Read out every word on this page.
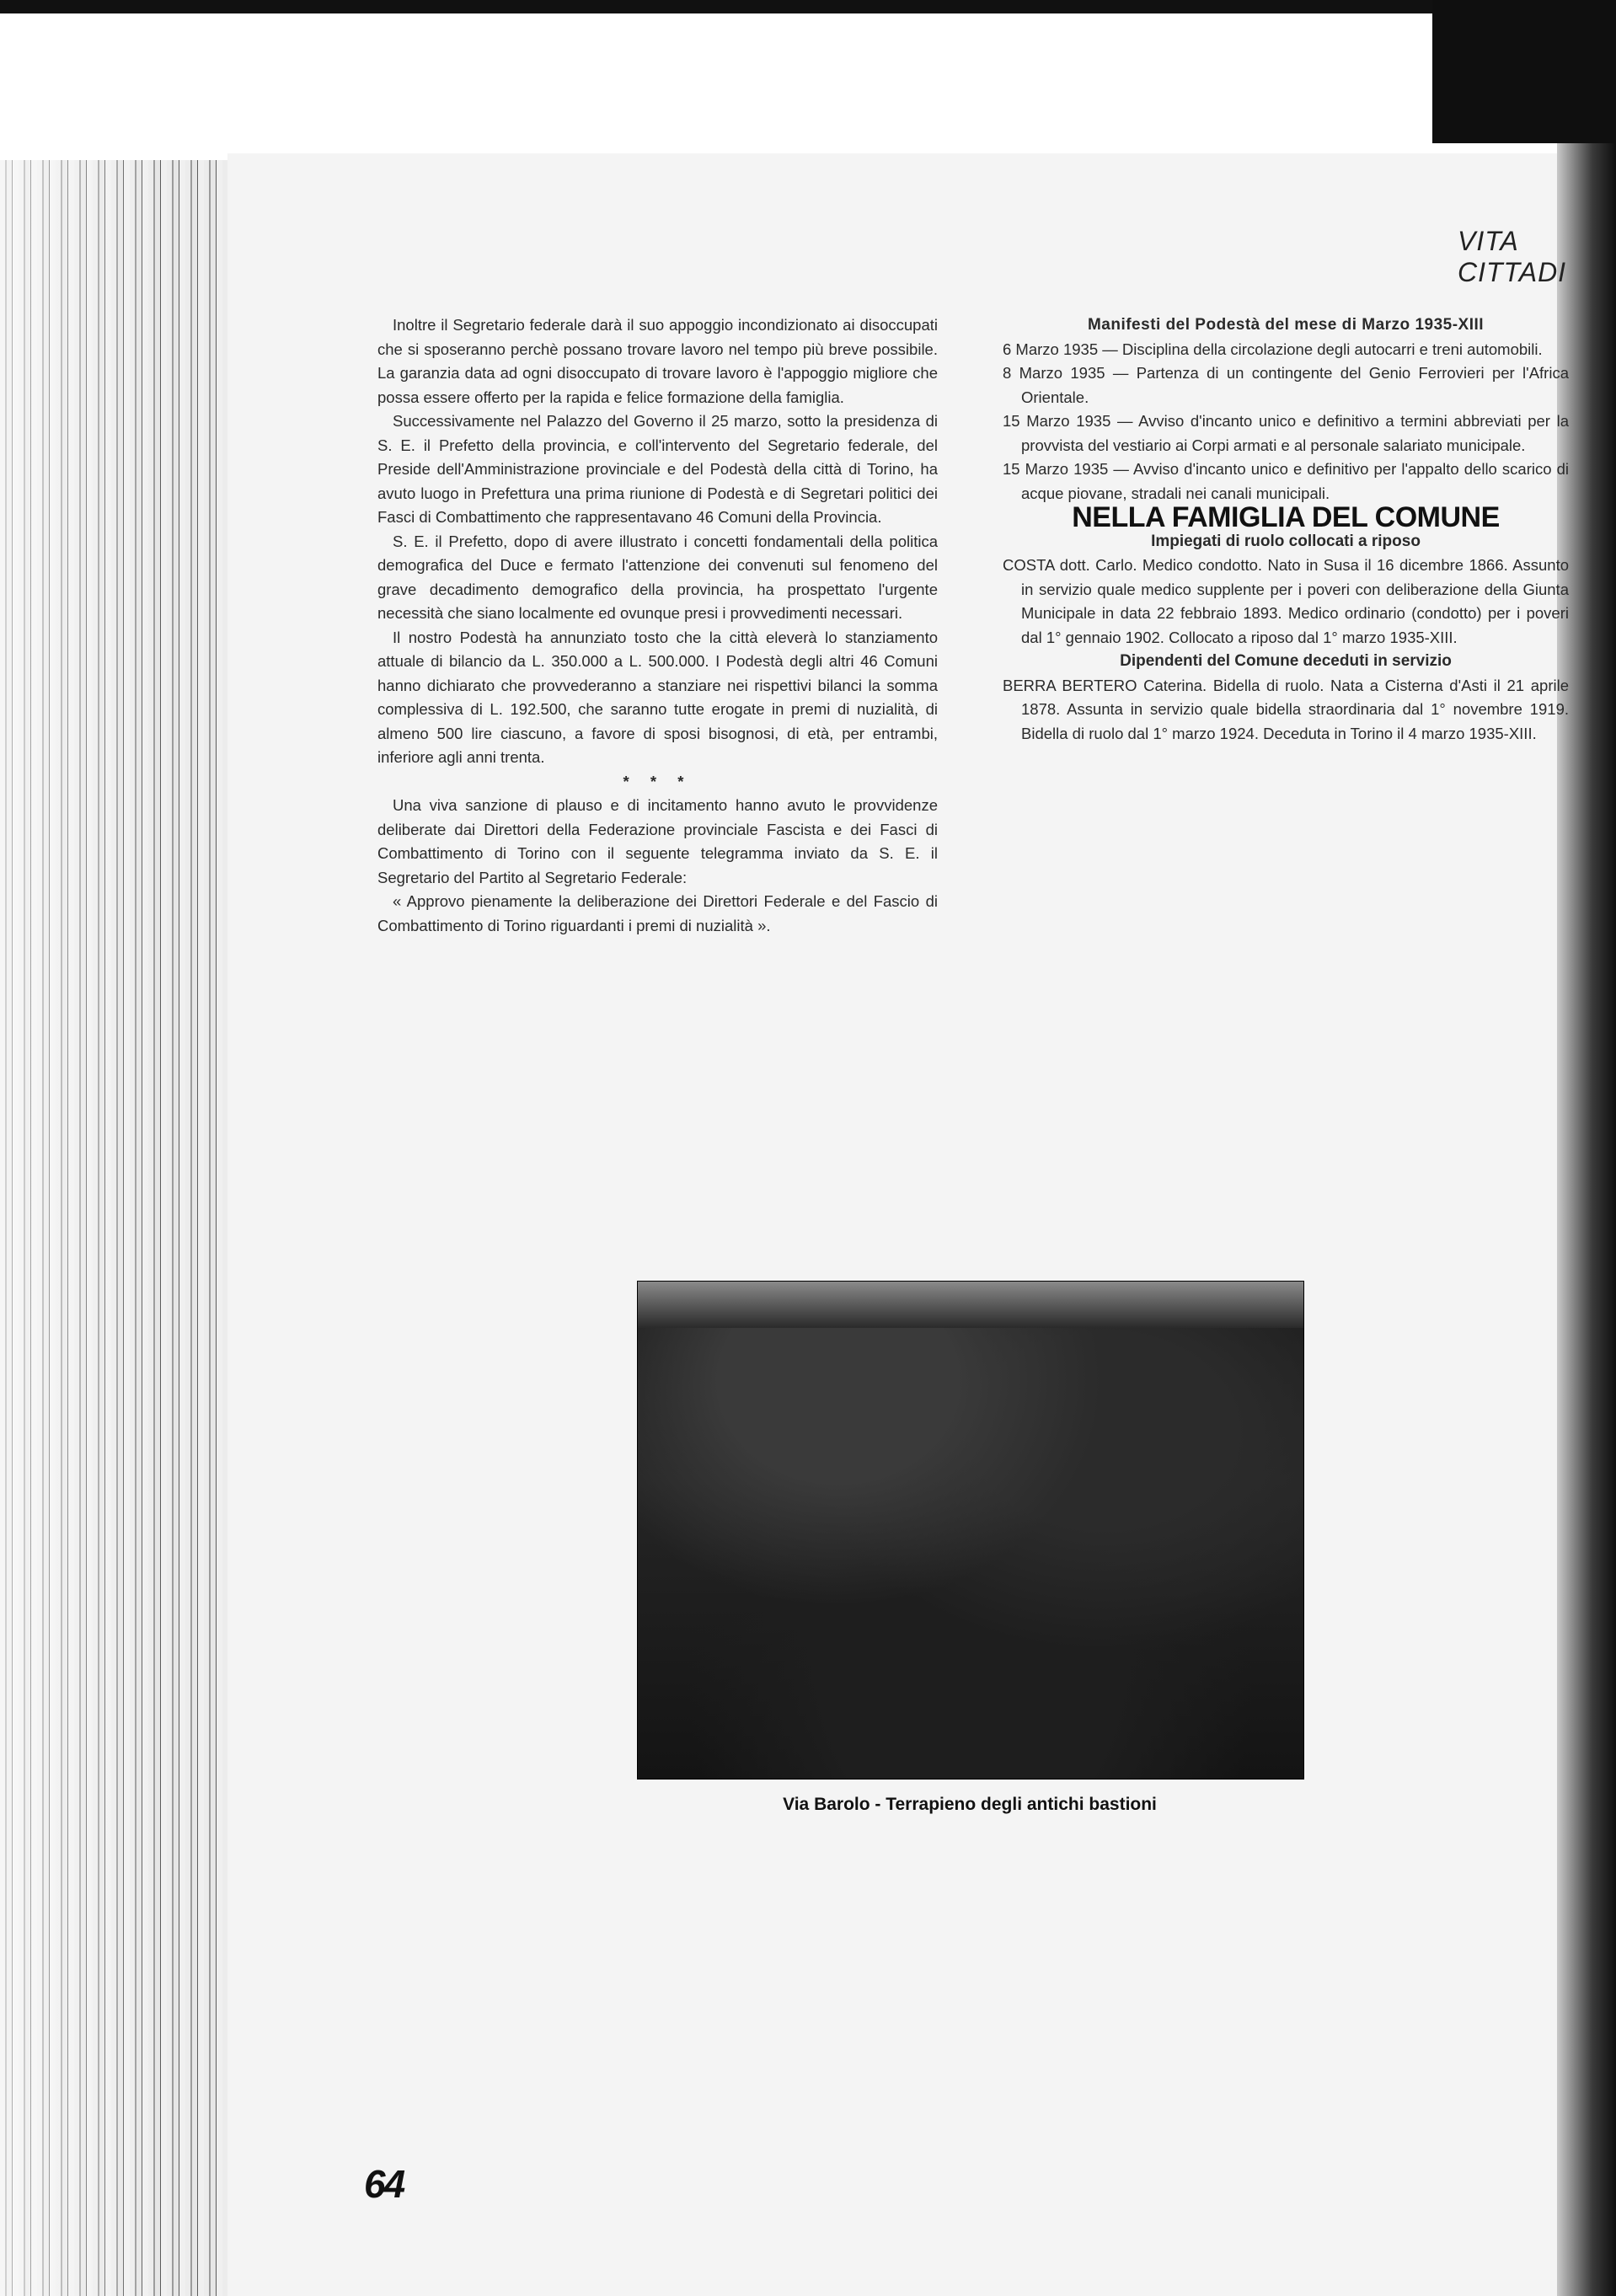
VITA CITTADI

Inoltre il Segretario federale darà il suo appoggio incondizionato ai disoccupati che si sposeranno perchè possano trovare lavoro nel tempo più breve possibile. La garanzia data ad ogni disoccupato di trovare lavoro è l'appoggio migliore che possa essere offerto per la rapida e felice formazione della famiglia.

Successivamente nel Palazzo del Governo il 25 marzo, sotto la presidenza di S. E. il Prefetto della provincia, e coll'intervento del Segretario federale, del Preside dell'Amministrazione provinciale e del Podestà della città di Torino, ha avuto luogo in Prefettura una prima riunione di Podestà e di Segretari politici dei Fasci di Combattimento che rappresentavano 46 Comuni della Provincia.

S. E. il Prefetto, dopo di avere illustrato i concetti fondamentali della politica demografica del Duce e fermato l'attenzione dei convenuti sul fenomeno del grave decadimento demografico della provincia, ha prospettato l'urgente necessità che siano localmente ed ovunque presi i provvedimenti necessari.

Il nostro Podestà ha annunziato tosto che la città eleverà lo stanziamento attuale di bilancio da L. 350.000 a L. 500.000. I Podestà degli altri 46 Comuni hanno dichiarato che provvederanno a stanziare nei rispettivi bilanci la somma complessiva di L. 192.500, che saranno tutte erogate in premi di nuzialità, di almeno 500 lire ciascuno, a favore di sposi bisognosi, di età, per entrambi, inferiore agli anni trenta.

* * *

Una viva sanzione di plauso e di incitamento hanno avuto le provvidenze deliberate dai Direttori della Federazione provinciale Fascista e dei Fasci di Combattimento di Torino con il seguente telegramma inviato da S. E. il Segretario del Partito al Segretario Federale:

« Approvo pienamente la deliberazione dei Direttori Federale e del Fascio di Combattimento di Torino riguardanti i premi di nuzialità ».

Manifesti del Podestà del mese di Marzo 1935-XIII

6 Marzo 1935 — Disciplina della circolazione degli autocarri e treni automobili.

8 Marzo 1935 — Partenza di un contingente del Genio Ferrovieri per l'Africa Orientale.

15 Marzo 1935 — Avviso d'incanto unico e definitivo a termini abbreviati per la provvista del vestiario ai Corpi armati e al personale salariato municipale.

15 Marzo 1935 — Avviso d'incanto unico e definitivo per l'appalto dello scarico di acque piovane, stradali nei canali municipali.

NELLA FAMIGLIA DEL COMUNE

Impiegati di ruolo collocati a riposo

COSTA dott. Carlo. Medico condotto. Nato in Susa il 16 dicembre 1866. Assunto in servizio quale medico supplente per i poveri con deliberazione della Giunta Municipale in data 22 febbraio 1893. Medico ordinario (condotto) per i poveri dal 1° gennaio 1902. Collocato a riposo dal 1° marzo 1935-XIII.

Dipendenti del Comune deceduti in servizio

BERRA BERTERO Caterina. Bidella di ruolo. Nata a Cisterna d'Asti il 21 aprile 1878. Assunta in servizio quale bidella straordinaria dal 1° novembre 1919. Bidella di ruolo dal 1° marzo 1924. Deceduta in Torino il 4 marzo 1935-XIII.

Via Barolo - Terrapieno degli antichi bastioni
64
